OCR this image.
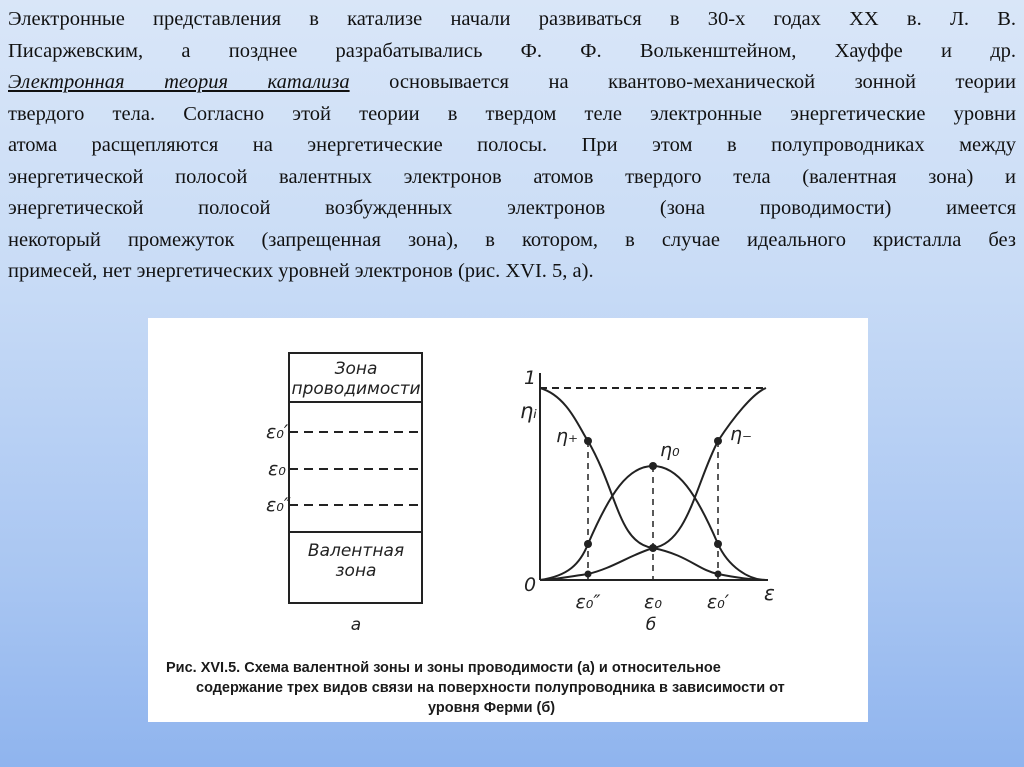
Электронные представления в катализе начали развиваться в 30-х годах XX в. Л. В.
Писаржевским, а позднее разрабатывались Ф. Ф. Волькенштейном, Хауффе и др.
Электронная теория катализа основывается на квантово-механической зонной теории
твердого тела. Согласно этой теории в твердом теле электронные энергетические уровни
атома расщепляются на энергетические полосы. При этом в полупроводниках между
энергетической полосой валентных электронов атомов твердого тела (валентная зона) и
энергетической полосой возбужденных электронов (зона проводимости) имеется
некоторый промежуток (запрещенная зона), в котором, в случае идеального кристалла без
примесей, нет энергетических уровней электронов (рис. XVI. 5, а).
Зона
проводимости
Валентная
зона
ε₀′
ε₀
ε₀″
а
1
0
ηᵢ
η₊
η₀
η₋
ε₀″ ε₀ ε₀′ ε
б
Рис. XVI.5. Схема валентной зоны и зоны проводимости (а) и относительное
содержание трех видов связи на поверхности полупроводника в зависимости от
уровня Ферми (б)
